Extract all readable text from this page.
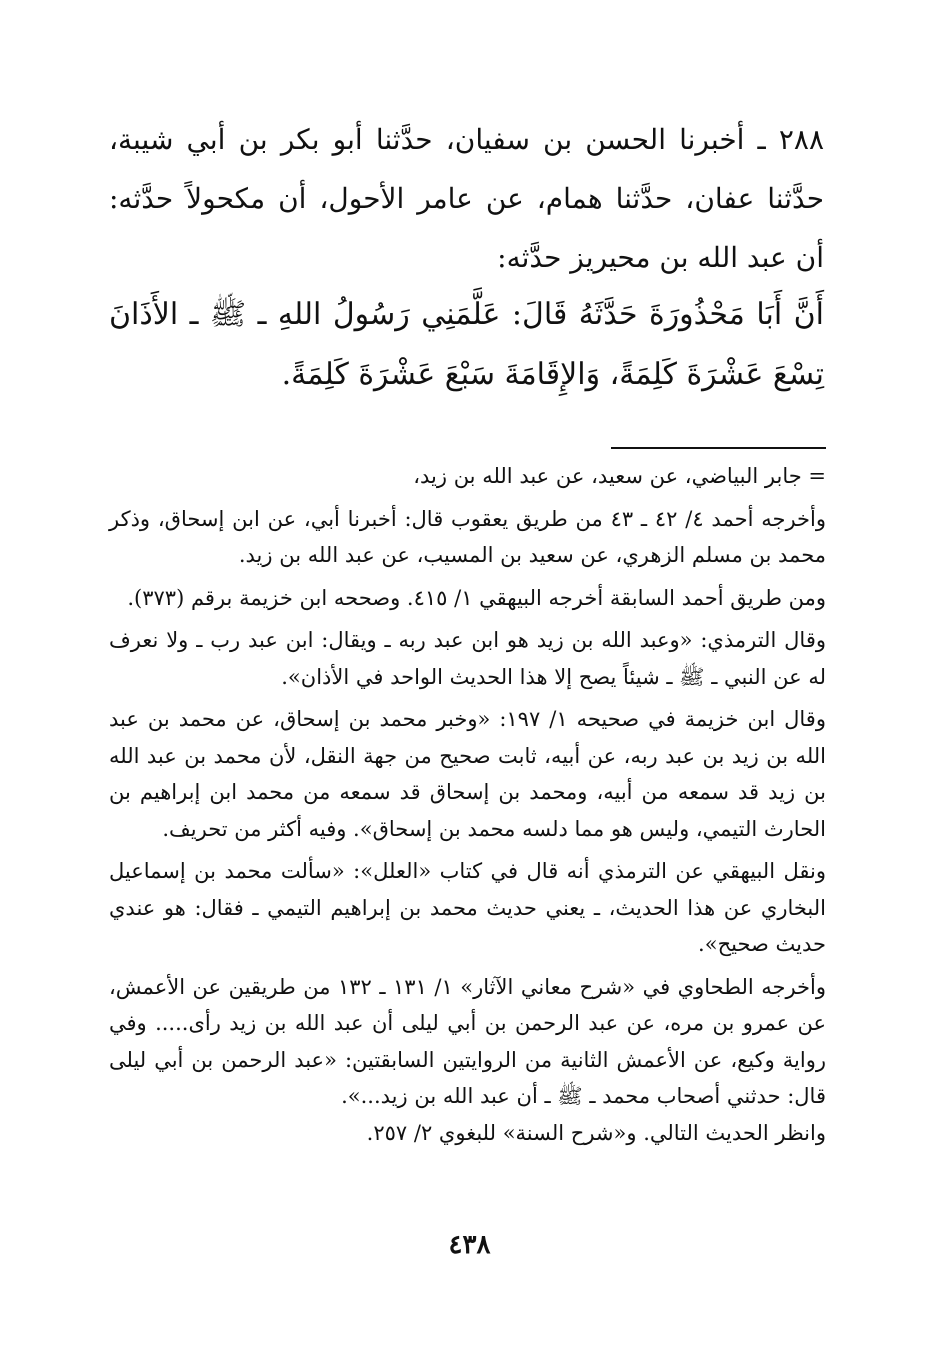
٢٨٨ ـ أخبرنا الحسن بن سفيان، حدَّثنا أبو بكر بن أبي شيبة، حدَّثنا عفان، حدَّثنا همام، عن عامر الأحول، أن مكحولاً حدَّثه: أن عبد الله بن محيريز حدَّثه:

أَنَّ أَبَا مَحْذُورَةَ حَدَّثَهُ قَالَ: عَلَّمَنِي رَسُولُ اللهِ ـ ﷺ ـ الأَذَانَ تِسْعَ عَشْرَةَ كَلِمَةً، وَالإِقَامَةَ سَبْعَ عَشْرَةَ كَلِمَةً.

= جابر البياضي، عن سعيد، عن عبد الله بن زيد،

وأخرجه أحمد ٤/ ٤٢ ـ ٤٣ من طريق يعقوب قال: أخبرنا أبي، عن ابن إسحاق، وذكر محمد بن مسلم الزهري، عن سعيد بن المسيب، عن عبد الله بن زيد.

ومن طريق أحمد السابقة أخرجه البيهقي ١/ ٤١٥. وصححه ابن خزيمة برقم (٣٧٣).

وقال الترمذي: «وعبد الله بن زيد هو ابن عبد ربه ـ ويقال: ابن عبد رب ـ ولا نعرف له عن النبي ـ ﷺ ـ شيئاً يصح إلا هذا الحديث الواحد في الأذان».

وقال ابن خزيمة في صحيحه ١/ ١٩٧: «وخبر محمد بن إسحاق، عن محمد بن عبد الله بن زيد بن عبد ربه، عن أبيه، ثابت صحيح من جهة النقل، لأن محمد بن عبد الله بن زيد قد سمعه من أبيه، ومحمد بن إسحاق قد سمعه من محمد ابن إبراهيم بن الحارث التيمي، وليس هو مما دلسه محمد بن إسحاق». وفيه أكثر من تحريف.

ونقل البيهقي عن الترمذي أنه قال في كتاب «العلل»: «سألت محمد بن إسماعيل البخاري عن هذا الحديث، ـ يعني حديث محمد بن إبراهيم التيمي ـ فقال: هو عندي حديث صحيح».

وأخرجه الطحاوي في «شرح معاني الآثار» ١/ ١٣١ ـ ١٣٢ من طريقين عن الأعمش، عن عمرو بن مره، عن عبد الرحمن بن أبي ليلى أن عبد الله بن زيد رأى..... وفي رواية وكيع، عن الأعمش الثانية من الروايتين السابقتين: «عبد الرحمن بن أبي ليلى قال: حدثني أصحاب محمد ـ ﷺ ـ أن عبد الله بن زيد...».

وانظر الحديث التالي. و«شرح السنة» للبغوي ٢/ ٢٥٧.

٤٣٨
